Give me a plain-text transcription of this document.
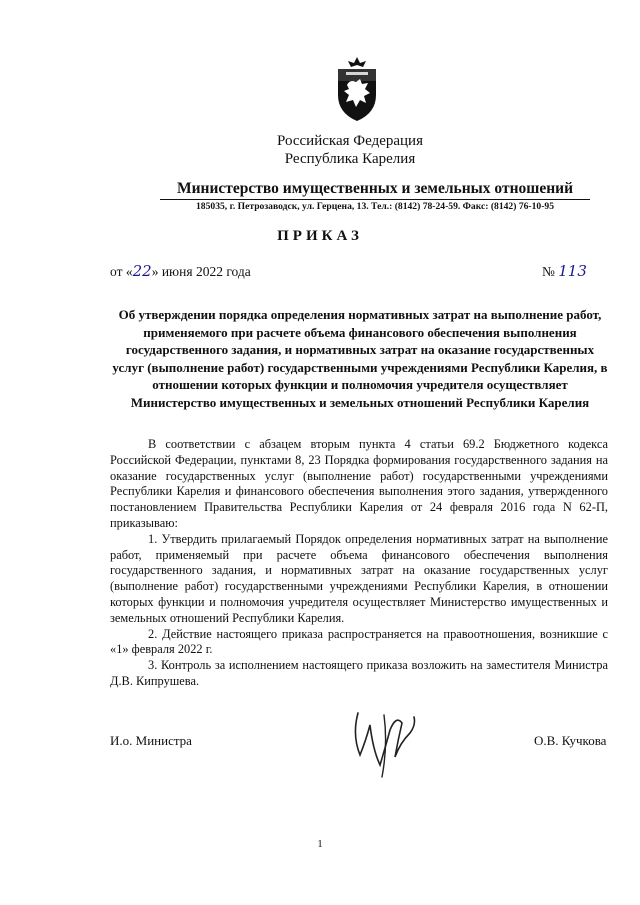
Российская Федерация
Республика Карелия
Министерство имущественных и земельных отношений
185035, г. Петрозаводск, ул. Герцена, 13. Тел.: (8142) 78-24-59. Факс: (8142) 76-10-95
ПРИКАЗ
от «22» июня 2022 года	№ 113
Об утверждении порядка определения нормативных затрат на выполнение работ, применяемого при расчете объема финансового обеспечения выполнения государственного задания, и нормативных затрат на оказание государственных услуг (выполнение работ) государственными учреждениями Республики Карелия, в отношении которых функции и полномочия учредителя осуществляет Министерство имущественных и земельных отношений Республики Карелия

В соответствии с абзацем вторым пункта 4 статьи 69.2 Бюджетного кодекса Российской Федерации, пунктами 8, 23 Порядка формирования государственного задания на оказание государственных услуг (выполнение работ) государственными учреждениями Республики Карелия и финансового обеспечения выполнения этого задания, утвержденного постановлением Правительства Республики Карелия от 24 февраля 2016 года N 62-П, приказываю:

1. Утвердить прилагаемый Порядок определения нормативных затрат на выполнение работ, применяемый при расчете объема финансового обеспечения выполнения государственного задания, и нормативных затрат на оказание государственных услуг (выполнение работ) государственными учреждениями Республики Карелия, в отношении которых функции и полномочия учредителя осуществляет Министерство имущественных и земельных отношений Республики Карелия.

2. Действие настоящего приказа распространяется на правоотношения, возникшие с «1» февраля 2022 г.

3. Контроль за исполнением настоящего приказа возложить на заместителя Министра Д.В. Кипрушева.

И.о. Министра	О.В. Кучкова
1
